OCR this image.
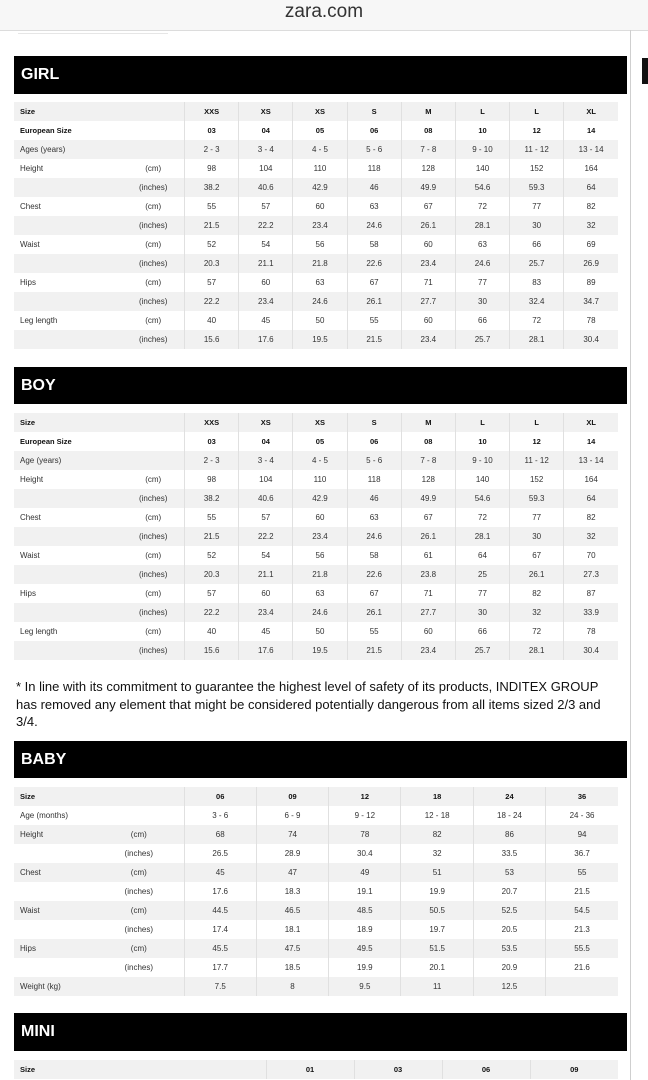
zara.com
GIRL
Size		XXS	XS	XS	S	M	L	L	XL
European Size		03	04	05	06	08	10	12	14
Ages (years)		2 - 3	3 - 4	4 - 5	5 - 6	7 - 8	9 - 10	11 - 12	13 - 14
Height	(cm)	98	104	110	118	128	140	152	164
	(inches)	38.2	40.6	42.9	46	49.9	54.6	59.3	64
Chest	(cm)	55	57	60	63	67	72	77	82
	(inches)	21.5	22.2	23.4	24.6	26.1	28.1	30	32
Waist	(cm)	52	54	56	58	60	63	66	69
	(inches)	20.3	21.1	21.8	22.6	23.4	24.6	25.7	26.9
Hips	(cm)	57	60	63	67	71	77	83	89
	(inches)	22.2	23.4	24.6	26.1	27.7	30	32.4	34.7
Leg length	(cm)	40	45	50	55	60	66	72	78
	(inches)	15.6	17.6	19.5	21.5	23.4	25.7	28.1	30.4
BOY
Size		XXS	XS	XS	S	M	L	L	XL
European Size		03	04	05	06	08	10	12	14
Age (years)		2 - 3	3 - 4	4 - 5	5 - 6	7 - 8	9 - 10	11 - 12	13 - 14
Height	(cm)	98	104	110	118	128	140	152	164
	(inches)	38.2	40.6	42.9	46	49.9	54.6	59.3	64
Chest	(cm)	55	57	60	63	67	72	77	82
	(inches)	21.5	22.2	23.4	24.6	26.1	28.1	30	32
Waist	(cm)	52	54	56	58	61	64	67	70
	(inches)	20.3	21.1	21.8	22.6	23.8	25	26.1	27.3
Hips	(cm)	57	60	63	67	71	77	82	87
	(inches)	22.2	23.4	24.6	26.1	27.7	30	32	33.9
Leg length	(cm)	40	45	50	55	60	66	72	78
	(inches)	15.6	17.6	19.5	21.5	23.4	25.7	28.1	30.4
* In line with its commitment to guarantee the highest level of safety of its products, INDITEX GROUP has removed any element that might be considered potentially dangerous from all items sized 2/3 and 3/4.
BABY
Size		06	09	12	18	24	36
Age (months)		3 - 6	6 - 9	9 - 12	12 - 18	18 - 24	24 - 36
Height	(cm)	68	74	78	82	86	94
	(inches)	26.5	28.9	30.4	32	33.5	36.7
Chest	(cm)	45	47	49	51	53	55
	(inches)	17.6	18.3	19.1	19.9	20.7	21.5
Waist	(cm)	44.5	46.5	48.5	50.5	52.5	54.5
	(inches)	17.4	18.1	18.9	19.7	20.5	21.3
Hips	(cm)	45.5	47.5	49.5	51.5	53.5	55.5
	(inches)	17.7	18.5	19.9	20.1	20.9	21.6
Weight (kg)		7.5	8	9.5	11	12.5	
MINI
Size	01	03	06	09
